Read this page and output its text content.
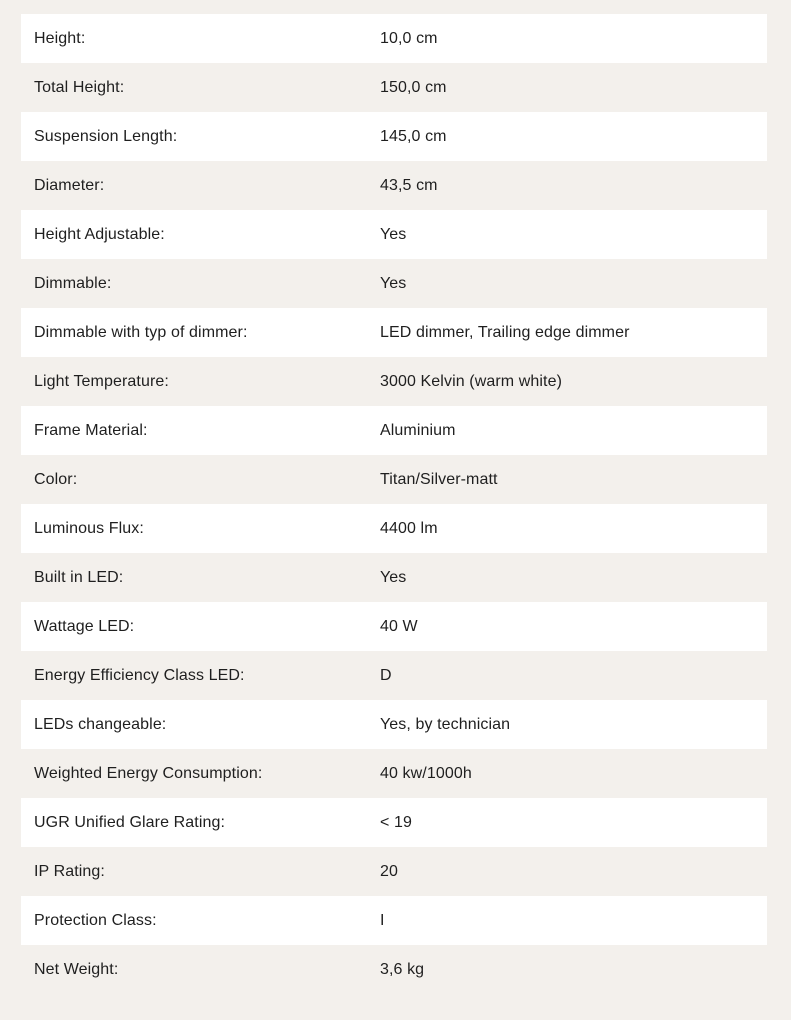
Height:	10,0 cm
Total Height:	150,0 cm
Suspension Length:	145,0 cm
Diameter:	43,5 cm
Height Adjustable:	Yes
Dimmable:	Yes
Dimmable with typ of dimmer:	LED dimmer, Trailing edge dimmer
Light Temperature:	3000 Kelvin (warm white)
Frame Material:	Aluminium
Color:	Titan/Silver-matt
Luminous Flux:	4400 lm
Built in LED:	Yes
Wattage LED:	40 W
Energy Efficiency Class LED:	D
LEDs changeable:	Yes, by technician
Weighted Energy Consumption:	40 kw/1000h
UGR Unified Glare Rating:	< 19
IP Rating:	20
Protection Class:	I
Net Weight:	3,6 kg
